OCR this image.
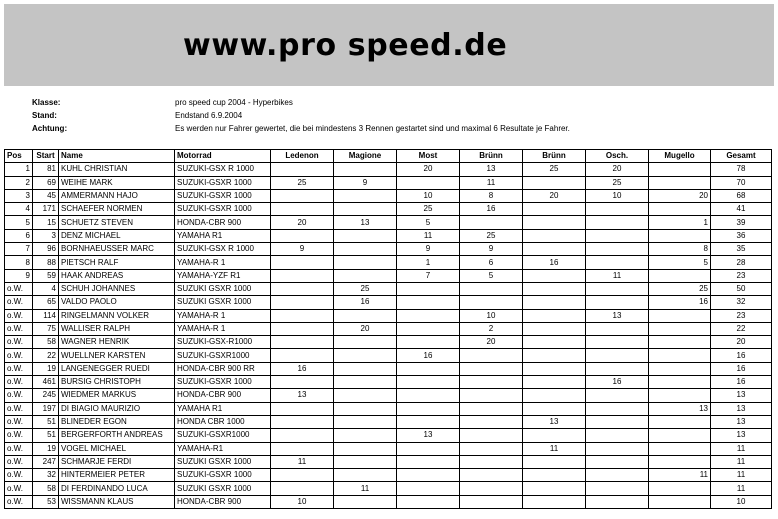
www.pro speed.de
Klasse:	pro speed cup 2004 - Hyperbikes
Stand:	Endstand 6.9.2004
Achtung:	Es werden nur Fahrer gewertet, die bei mindestens 3 Rennen gestartet sind und maximal 6 Resultate je Fahrer.
Pos	Start	Name	Motorrad	Ledenon	Magione	Most	Brünn	Brünn	Osch.	Mugello	Gesamt
1	81	KUHL CHRISTIAN	SUZUKI-GSX R 1000			20	13	25	20		78
2	69	WEIHE MARK	SUZUKI-GSXR 1000	25	9		11		25		70
3	45	AMMERMANN HAJO	SUZUKI-GSXR 1000			10	8	20	10	20	68
4	171	SCHAEFER NORMEN	SUZUKI-GSXR 1000			25	16				41
5	15	SCHUETZ STEVEN	HONDA-CBR 900	20	13	5				1	39
6	3	DENZ MICHAEL	YAMAHA R1			11	25				36
7	96	BORNHAEUSSER MARC	SUZUKI-GSX R 1000	9		9	9			8	35
8	88	PIETSCH RALF	YAMAHA-R 1			1	6	16		5	28
9	59	HAAK ANDREAS	YAMAHA-YZF R1			7	5		11		23
o.W.	4	SCHUH JOHANNES	SUZUKI GSXR 1000		25					25	50
o.W.	65	VALDO PAOLO	SUZUKI GSXR 1000		16					16	32
o.W.	114	RINGELMANN VOLKER	YAMAHA-R 1				10		13		23
o.W.	75	WALLISER RALPH	YAMAHA-R 1		20		2				22
o.W.	58	WAGNER HENRIK	SUZUKI-GSX-R1000				20				20
o.W.	22	WUELLNER KARSTEN	SUZUKI-GSXR1000			16					16
o.W.	19	LANGENEGGER RUEDI	HONDA-CBR 900 RR	16							16
o.W.	461	BURSIG CHRISTOPH	SUZUKI-GSXR 1000						16		16
o.W.	245	WIEDMER MARKUS	HONDA-CBR 900	13							13
o.W.	197	DI BIAGIO MAURIZIO	YAMAHA R1							13	13
o.W.	51	BLINEDER EGON	HONDA CBR 1000					13			13
o.W.	51	BERGERFORTH ANDREAS	SUZUKI-GSXR1000			13					13
o.W.	19	VOGEL MICHAEL	YAMAHA-R1					11			11
o.W.	247	SCHMARJE FERDI	SUZUKI GSXR 1000	11							11
o.W.	32	HINTERMEIER PETER	SUZUKI-GSXR 1000							11	11
o.W.	58	DI FERDINANDO LUCA	SUZUKI GSXR 1000		11						11
o.W.	53	WISSMANN KLAUS	HONDA-CBR 900	10							10
